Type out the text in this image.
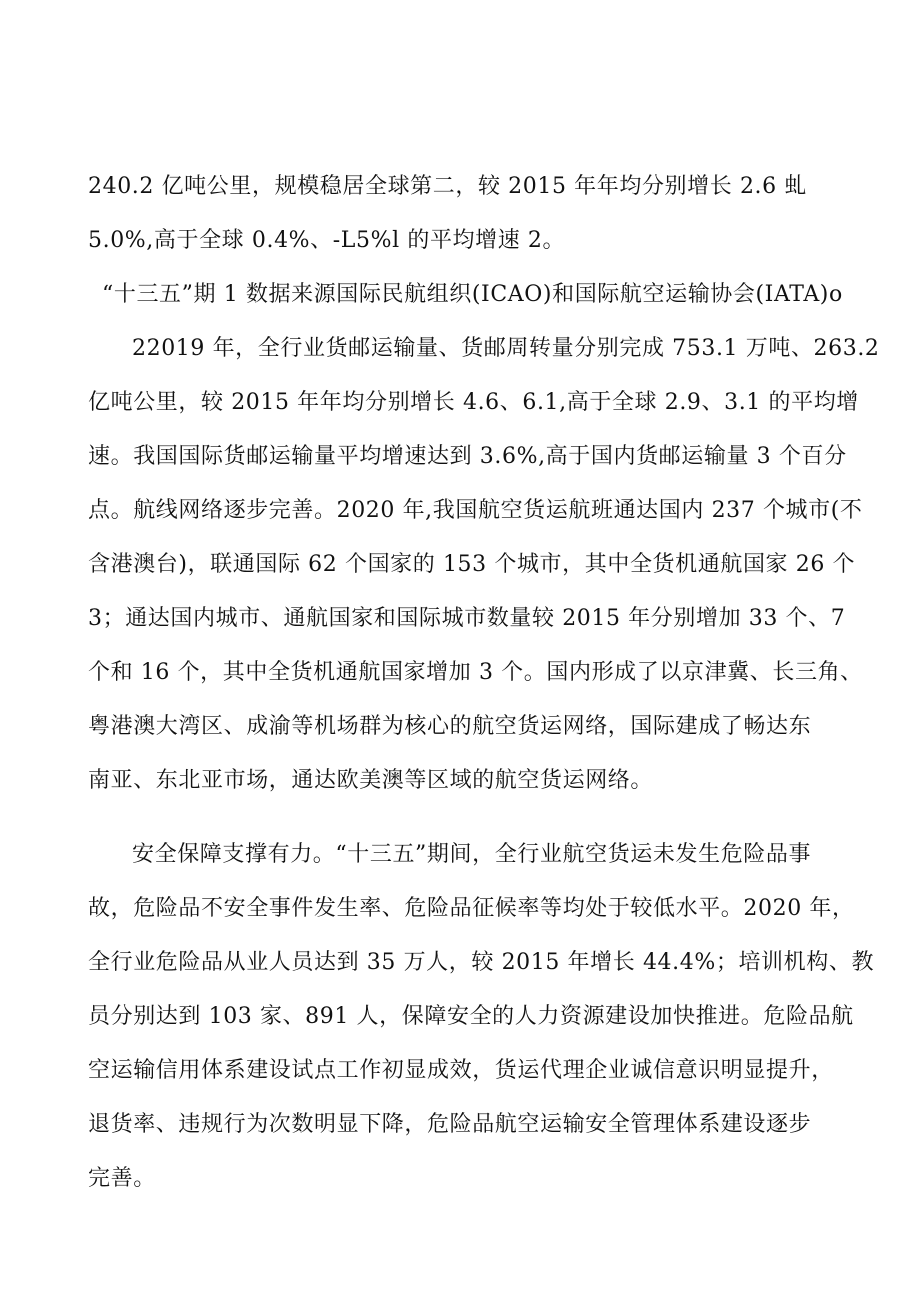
240.2 亿吨公里，规模稳居全球第二，较 2015 年年均分别增长 2.6 虬
5.0%,高于全球 0.4%、-L5%l 的平均增速 2。
“十三五”期 1 数据来源国际民航组织(ICAO)和国际航空运输协会(IATA)o
22019 年，全行业货邮运输量、货邮周转量分别完成 753.1 万吨、263.2
亿吨公里，较 2015 年年均分别增长 4.6、6.1,高于全球 2.9、3.1 的平均增
速。我国国际货邮运输量平均增速达到 3.6%,高于国内货邮运输量 3 个百分
点。航线网络逐步完善。2020 年,我国航空货运航班通达国内 237 个城市(不
含港澳台)，联通国际 62 个国家的 153 个城市，其中全货机通航国家 26 个
3；通达国内城市、通航国家和国际城市数量较 2015 年分别增加 33 个、7
个和 16 个，其中全货机通航国家增加 3 个。国内形成了以京津冀、长三角、
粤港澳大湾区、成渝等机场群为核心的航空货运网络，国际建成了畅达东
南亚、东北亚市场，通达欧美澳等区域的航空货运网络。
安全保障支撑有力。“十三五”期间，全行业航空货运未发生危险品事
故，危险品不安全事件发生率、危险品征候率等均处于较低水平。2020 年，
全行业危险品从业人员达到 35 万人，较 2015 年增长 44.4%；培训机构、教
员分别达到 103 家、891 人，保障安全的人力资源建设加快推进。危险品航
空运输信用体系建设试点工作初显成效，货运代理企业诚信意识明显提升，
退货率、违规行为次数明显下降，危险品航空运输安全管理体系建设逐步
完善。
